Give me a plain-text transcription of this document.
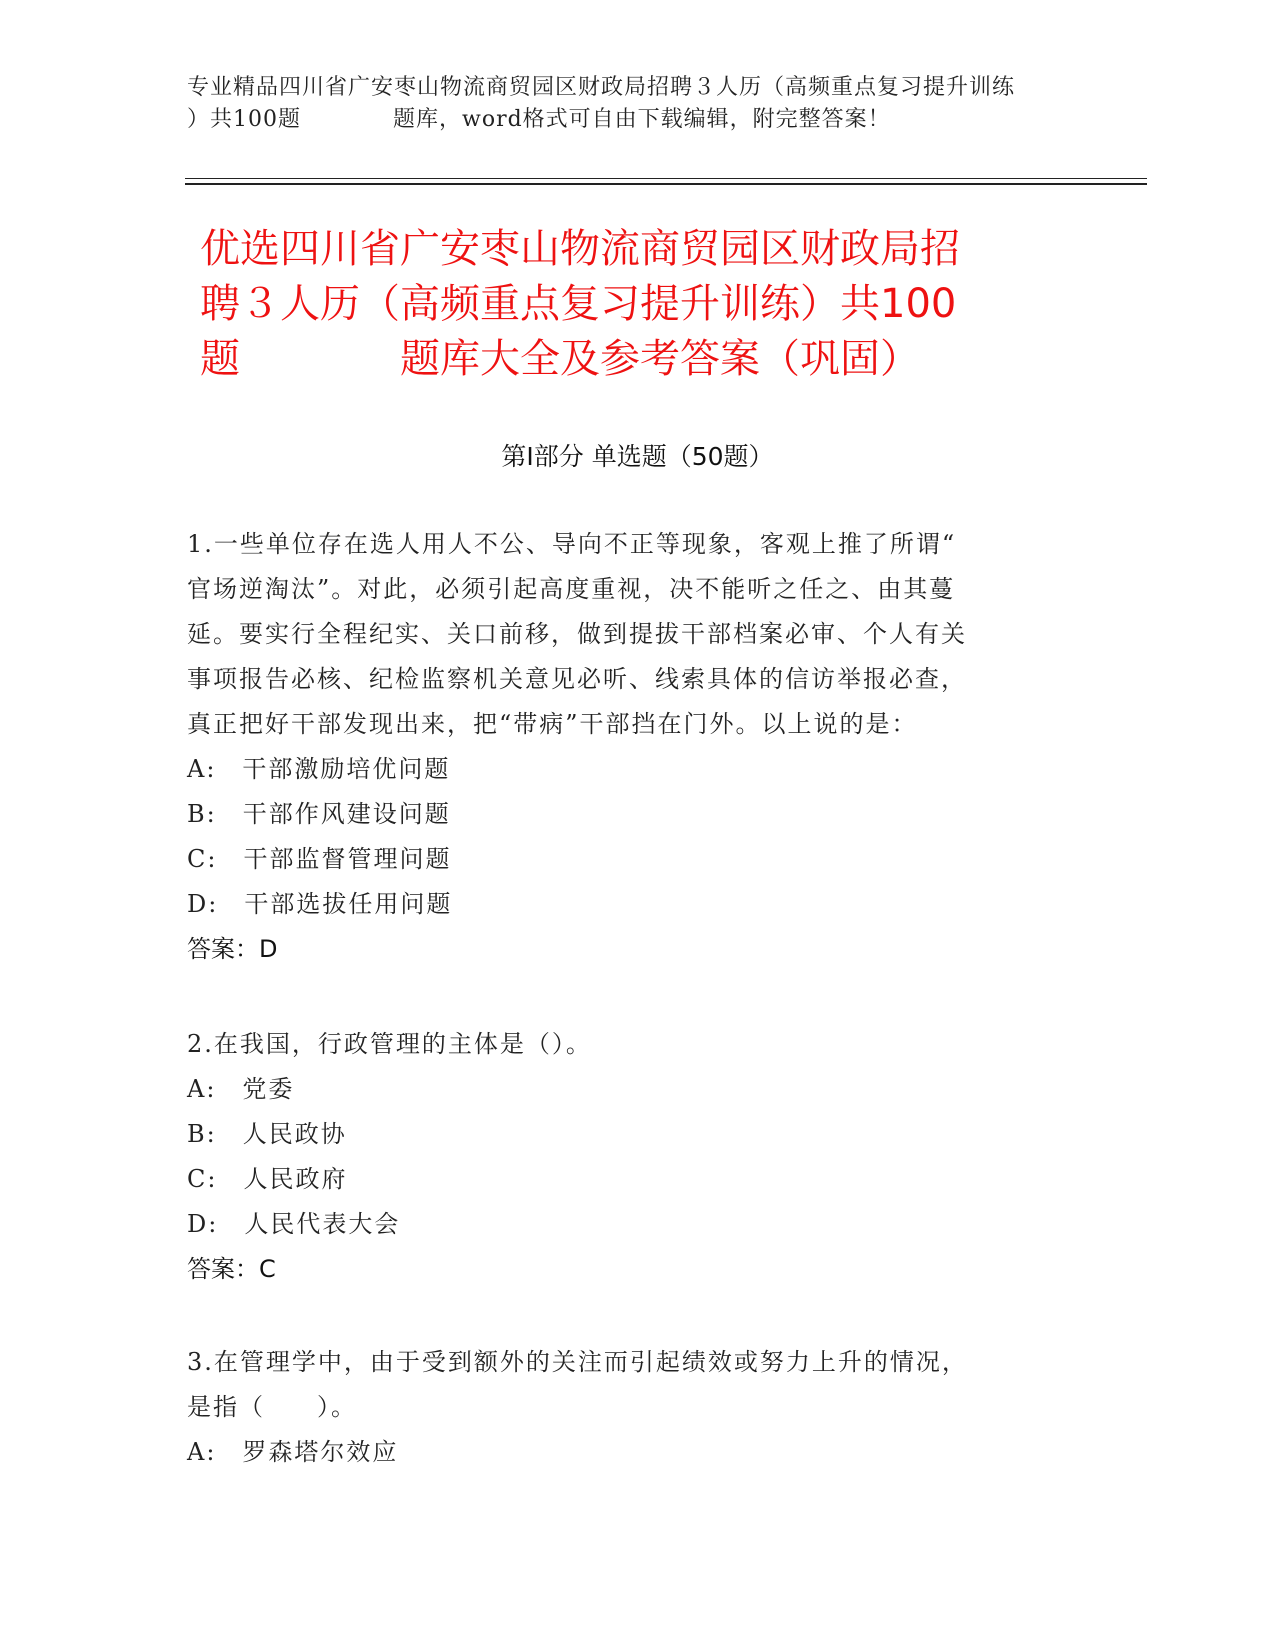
专业精品四川省广安枣山物流商贸园区财政局招聘３人历（高频重点复习提升训练
）共100题　　　　题库，word格式可自由下载编辑，附完整答案！
优选四川省广安枣山物流商贸园区财政局招
聘３人历（高频重点复习提升训练）共100
题　　　　题库大全及参考答案（巩固）
第Ⅰ部分 单选题（50题）
1.一些单位存在选人用人不公、导向不正等现象，客观上推了所谓“
官场逆淘汰”。对此，必须引起高度重视，决不能听之任之、由其蔓
延。要实行全程纪实、关口前移，做到提拔干部档案必审、个人有关
事项报告必核、纪检监察机关意见必听、线索具体的信访举报必查，
真正把好干部发现出来，把“带病”干部挡在门外。以上说的是：
A:　干部激励培优问题
B:　干部作风建设问题
C:　干部监督管理问题
D:　干部选拔任用问题
答案：D
2.在我国，行政管理的主体是（）。
A:　党委
B:　人民政协
C:　人民政府
D:　人民代表大会
答案：C
3.在管理学中，由于受到额外的关注而引起绩效或努力上升的情况，
是指（　　）。
A:　罗森塔尔效应
